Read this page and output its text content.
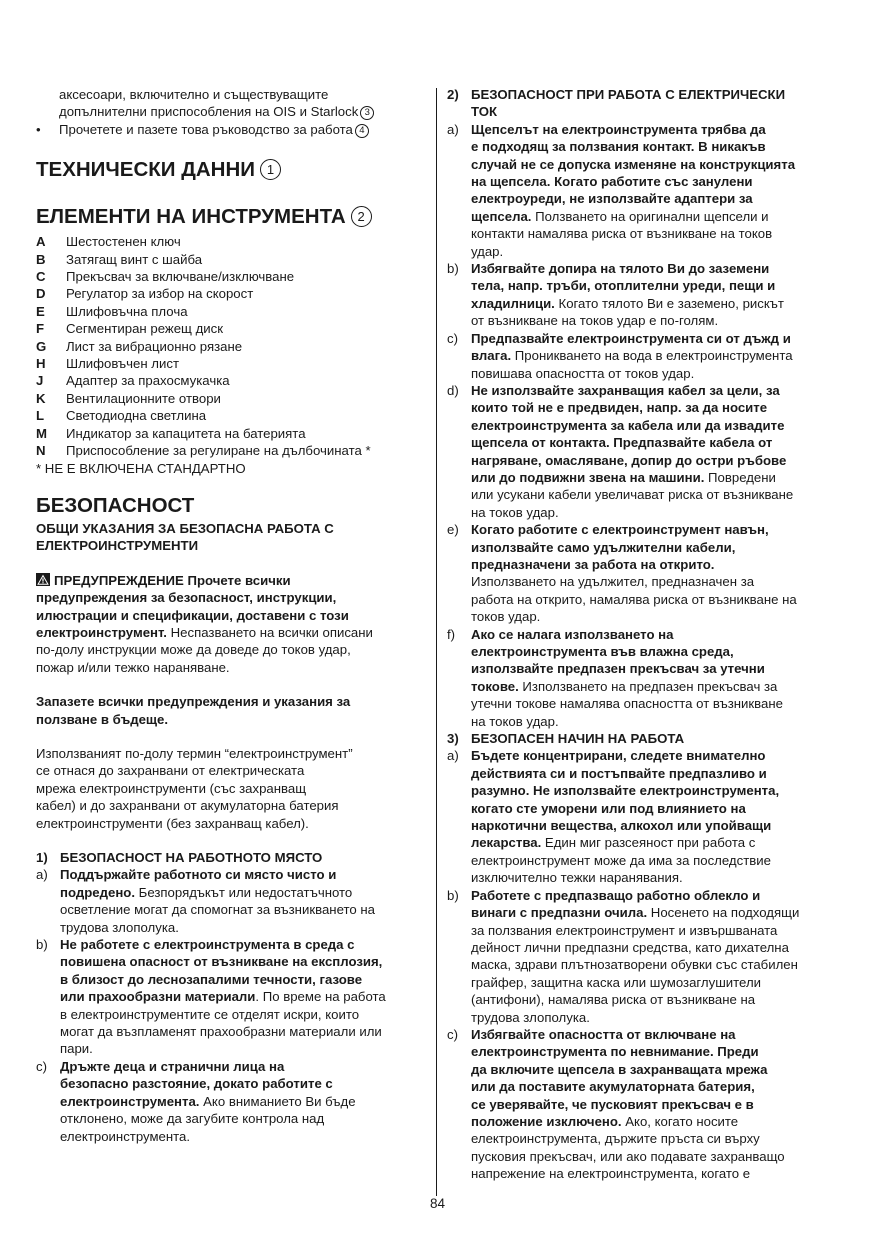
аксесоари, включително и съществуващите
допълнителни приспособления на OIS и Starlock 3
•	Прочетете и пазете това ръководство за работа 4
ТЕХНИЧЕСКИ ДАННИ 1
ЕЛЕМЕНТИ НА ИНСТРУМЕНТА 2
A	Шестостенен ключ
B	Затягащ винт с шайба
C	Прекъсвач за включване/изключване
D	Регулатор за избор на скорост
E	Шлифовъчна плоча
F	Сегментиран режещ диск
G	Лист за вибрационно рязане
H	Шлифовъчен лист
J	Адаптер за прахосмукачка
K	Вентилационните отвори
L	Светодиодна светлина
M	Индикатор за капацитета на батерията
N	Приспособление за регулиране на дълбочината *
* НЕ Е ВКЛЮЧЕНА СТАНДАРТНО
БЕЗОПАСНОСТ
ОБЩИ УКАЗАНИЯ ЗА БЕЗОПАСНА РАБОТА С
ЕЛЕКТРОИНСТРУМЕНТИ
ПРЕДУПРЕЖДЕНИЕ Прочете всички
предупреждения за безопасност, инструкции,
илюстрации и спецификации, доставени с този
електроинструмент. Неспазването на всички описани
по-долу инструкции може да доведе до токов удар,
пожар и/или тежко нараняване.
Запазете всички предупреждения и указания за
ползване в бъдеще.
Използваният по-долу термин “електроинструмент”
се отнася до захранвани от електрическата
мрежа електроинструменти (със захранващ
кабел) и до захранвани от акумулаторна батерия
електроинструменти (без захранващ кабел).
1) БЕЗОПАСНОСТ НА РАБОТНОТО МЯСТО
a) Поддържайте работното си място чисто и
подредено. Безпорядъкът или недостатъчното
осветление могат да спомогнат за възникването на
трудова злополука.
b) Не работете с електроинструмента в среда с
повишена опасност от възникване на експлозия,
в близост до леснозапалими течности, газове
или прахообразни материали. По време на работа
в електроинструментите се отделят искри, които
могат да възпламенят прахообразни материали или
пари.
c) Дръжте деца и странични лица на
безопасно разстояние, докато работите с
електроинструмента. Ако вниманието Ви бъде
отклонено, може да загубите контрола над
електроинструмента.
2) БЕЗОПАСНОСТ ПРИ РАБОТА С ЕЛЕКТРИЧЕСКИ
ТОК
a) Щепселът на електроинструмента трябва да
е подходящ за ползвания контакт. В никакъв
случай не се допуска изменяне на конструкцията
на щепсела. Когато работите със занулени
електроуреди, не използвайте адаптери за
щепсела. Ползването на оригинални щепсели и
контакти намалява риска от възникване на токов
удар.
b) Избягвайте допира на тялото Ви до заземени
тела, напр. тръби, отоплителни уреди, пещи и
хладилници. Когато тялото Ви е заземено, рискът
от възникване на токов удар е по-голям.
c) Предпазвайте електроинструмента си от дъжд и
влага. Проникването на вода в електроинструмента
повишава опасността от токов удар.
d) Не използвайте захранващия кабел за цели, за
които той не е предвиден, напр. за да носите
електроинструмента за кабела или да извадите
щепсела от контакта. Предпазвайте кабела от
нагряване, омасляване, допир до остри ръбове
или до подвижни звена на машини. Повредени
или усукани кабели увеличават риска от възникване
на токов удар.
e) Когато работите с електроинструмент навън,
използвайте само удължителни кабели,
предназначени за работа на открито.
Използването на удължител, предназначен за
работа на открито, намалява риска от възникване на
токов удар.
f)	Ако се налага използването на
електроинструмента във влажна среда,
използвайте предпазен прекъсвач за утечни
токове. Използването на предпазен прекъсвач за
утечни токове намалява опасността от възникване
на токов удар.
3) БЕЗОПАСЕН НАЧИН НА РАБОТА
a) Бъдете концентрирани, следете внимателно
действията си и постъпвайте предпазливо и
разумно. Не използвайте електроинструмента,
когато сте уморени или под влиянието на
наркотични вещества, алкохол или упойващи
лекарства. Един миг разсеяност при работа с
електроинструмент може да има за последствие
изключително тежки наранявания.
b) Работете с предпазващо работно облекло и
винаги с предпазни очила. Носенето на подходящи
за ползвания електроинструмент и извършваната
дейност лични предпазни средства, като дихателна
маска, здрави плътнозатворени обувки със стабилен
грайфер, защитна каска или шумозаглушители
(антифони), намалява риска от възникване на
трудова злополука.
c) Избягвайте опасността от включване на
електроинструмента по невнимание. Преди
да включите щепсела в захранващата мрежа
или да поставите акумулаторната батерия,
се уверявайте, че пусковият прекъсвач е в
положение изключено. Ако, когато носите
електроинструмента, държите пръста си върху
пусковия прекъсвач, или ако подавате захранващо
напрежение на електроинструмента, когато е
84
